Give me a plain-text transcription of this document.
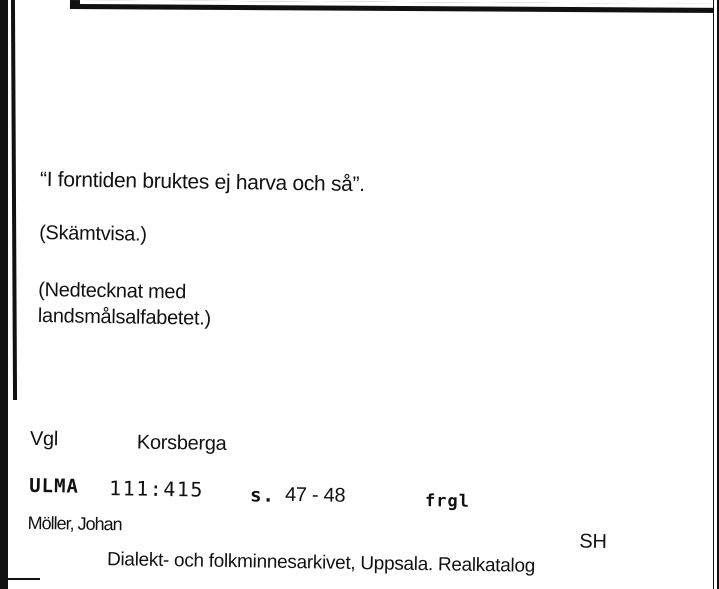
“I forntiden bruktes ej harva och så”.
(Skämtvisa.)
(Nedtecknat med
landsmålsalfabetet.)
Vgl	Korsberga
ULMA 111:415 s. 47 - 48	frgl
Möller, Johan
SH
Dialekt- och folkminnesarkivet, Uppsala. Realkatalog
